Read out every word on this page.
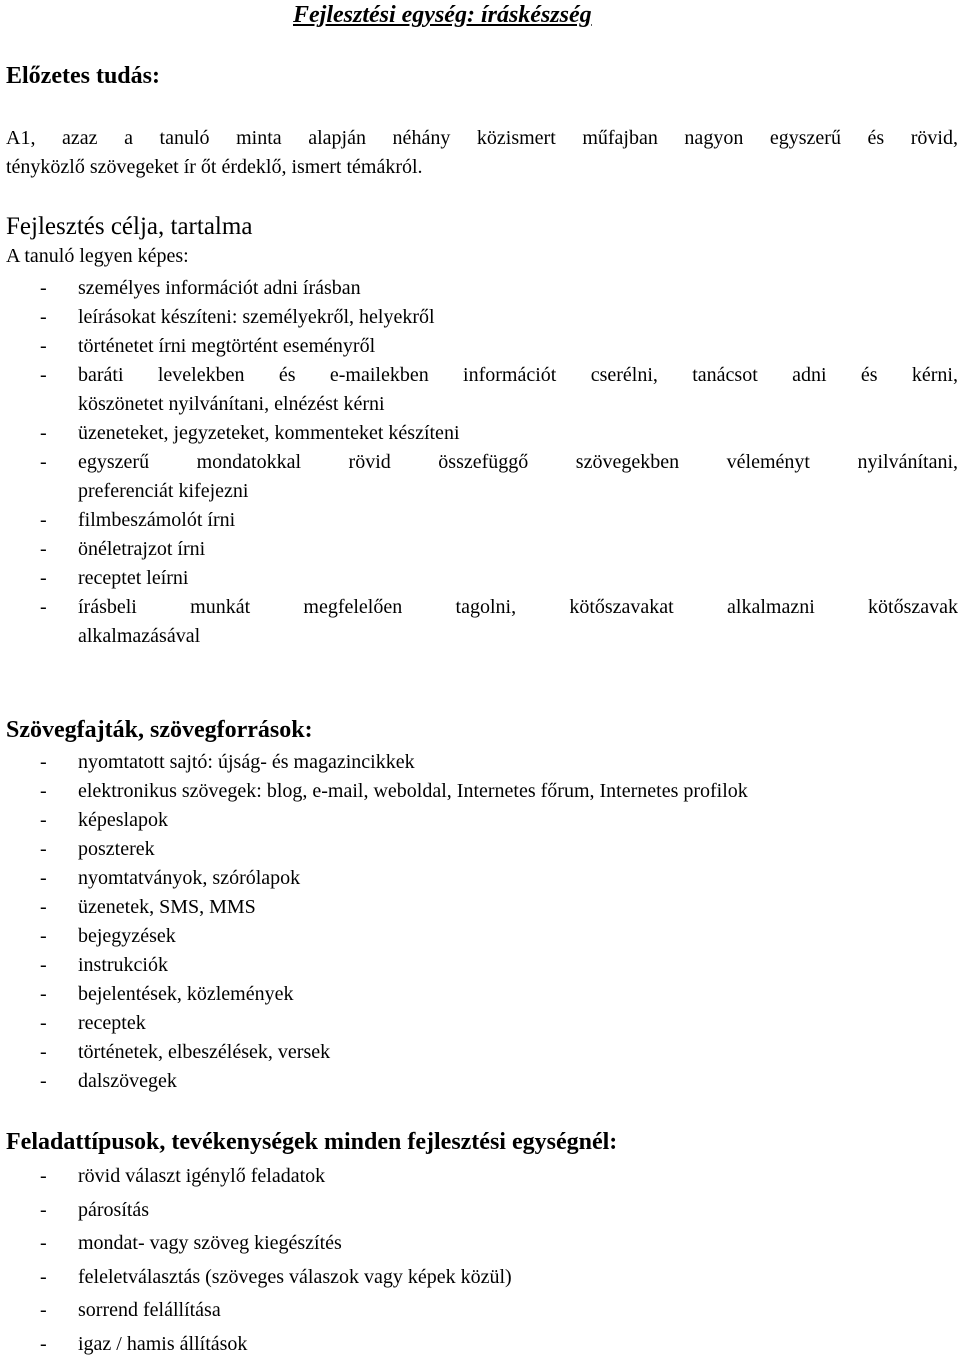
Fejlesztési egység: íráskészség
Előzetes tudás:
A1, azaz a tanuló minta alapján néhány közismert műfajban nagyon egyszerű és rövid,
tényközlő szövegeket ír őt érdeklő, ismert témákról.
Fejlesztés célja, tartalma
A tanuló legyen képes:
- személyes információt adni írásban
- leírásokat készíteni: személyekről, helyekről
- történetet írni megtörtént eseményről
- baráti levelekben és e-mailekben információt cserélni, tanácsot adni és kérni,
köszönetet nyilvánítani, elnézést kérni
- üzeneteket, jegyzeteket, kommenteket készíteni
- egyszerű mondatokkal rövid összefüggő szövegekben véleményt nyilvánítani,
preferenciát kifejezni
- filmbeszámolót írni
- önéletrajzot írni
- receptet leírni
- írásbeli munkát megfelelően tagolni, kötőszavakat alkalmazni kötőszavak
alkalmazásával
Szövegfajták, szövegforrások:
- nyomtatott sajtó: újság- és magazincikkek
- elektronikus szövegek: blog, e-mail, weboldal, Internetes főrum, Internetes profilok
- képeslapok
- poszterek
- nyomtatványok, szórólapok
- üzenetek, SMS, MMS
- bejegyzések
- instrukciók
- bejelentések, közlemények
- receptek
- történetek, elbeszélések, versek
- dalszövegek
Feladattípusok, tevékenységek minden fejlesztési egységnél:
- rövid választ igénylő feladatok
- párosítás
- mondat- vagy szöveg kiegészítés
- feleletválasztás (szöveges válaszok vagy képek közül)
- sorrend felállítása
- igaz / hamis állítások
